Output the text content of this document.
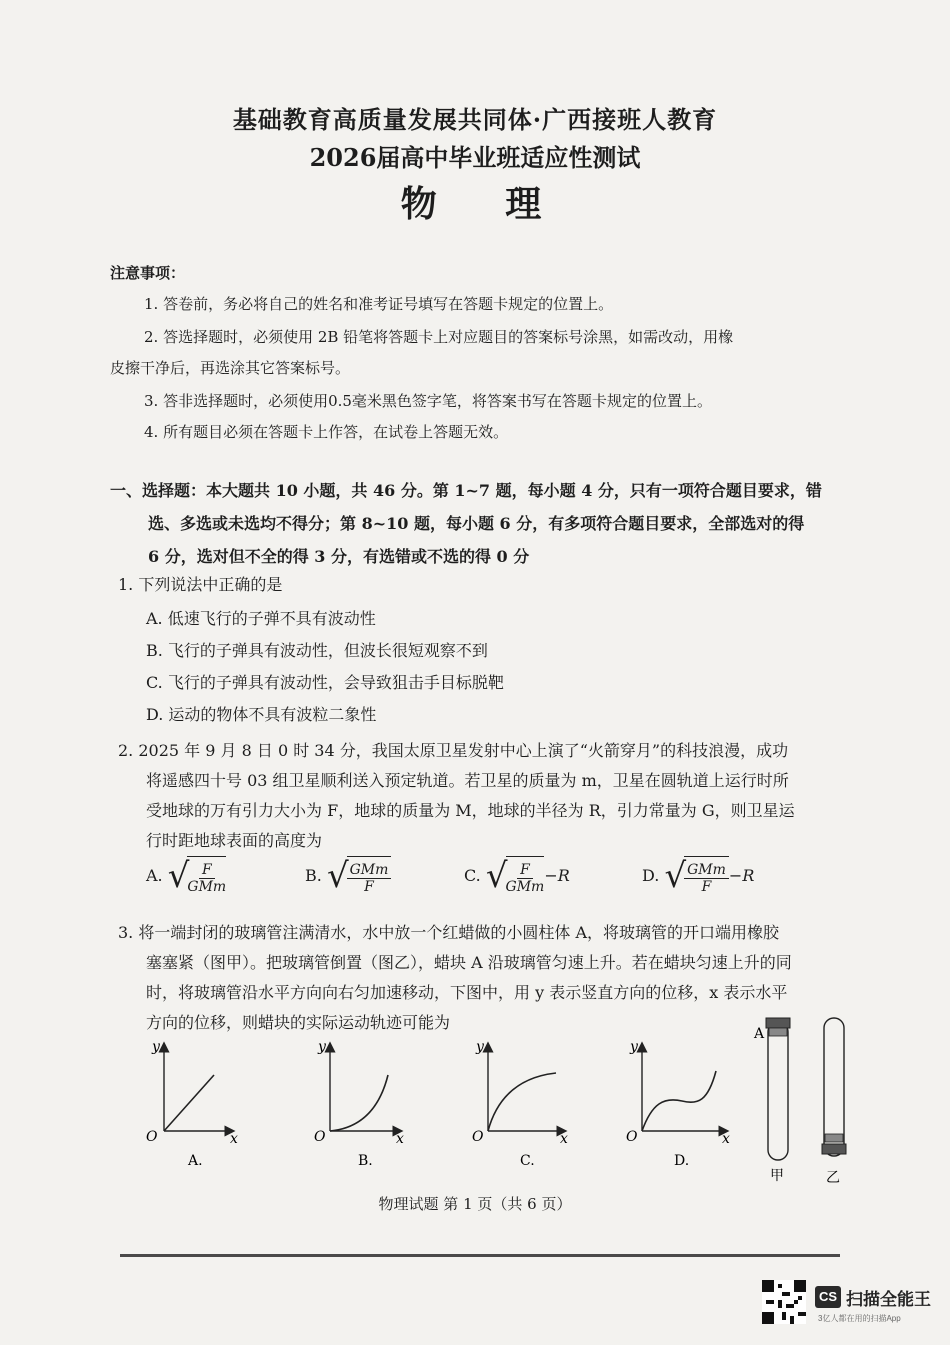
基础教育高质量发展共同体·广西接班人教育
2026届高中毕业班适应性测试
物 理
注意事项：
1. 答卷前，务必将自己的姓名和准考证号填写在答题卡规定的位置上。
2. 答选择题时，必须使用 2B 铅笔将答题卡上对应题目的答案标号涂黑，如需改动，用橡
皮擦干净后，再选涂其它答案标号。
3. 答非选择题时，必须使用0.5毫米黑色签字笔，将答案书写在答题卡规定的位置上。
4. 所有题目必须在答题卡上作答，在试卷上答题无效。
一、选择题：本大题共 10 小题，共 46 分。第 1~7 题，每小题 4 分，只有一项符合题目要求，错
选、多选或未选均不得分；第 8~10 题，每小题 6 分，有多项符合题目要求，全部选对的得
6 分，选对但不全的得 3 分，有选错或不选的得 0 分
1. 下列说法中正确的是
A. 低速飞行的子弹不具有波动性
B. 飞行的子弹具有波动性，但波长很短观察不到
C. 飞行的子弹具有波动性，会导致狙击手目标脱靶
D. 运动的物体不具有波粒二象性
2. 2025 年 9 月 8 日 0 时 34 分，我国太原卫星发射中心上演了“火箭穿月”的科技浪漫，成功
将遥感四十号 03 组卫星顺利送入预定轨道。若卫星的质量为 m，卫星在圆轨道上运行时所
受地球的万有引力大小为 F，地球的质量为 M，地球的半径为 R，引力常量为 G，则卫星运
行时距地球表面的高度为
A.
√
$\frac{F}{\text{GMm}}$	B.
√
$\frac{\text{GMm}}{F}$	C.
√
$\frac{F}{\text{GMm}} -R$	D.
√
$\frac{\text{GMm}}{F} -R$
3. 将一端封闭的玻璃管注满清水，水中放一个红蜡做的小圆柱体 A，将玻璃管的开口端用橡胶
塞塞紧（图甲）。把玻璃管倒置（图乙），蜡块 A 沿玻璃管匀速上升。若在蜡块匀速上升的同
时，将玻璃管沿水平方向向右匀加速移动，下图中，用 y 表示竖直方向的位移，x 表示水平
方向的位移，则蜡块的实际运动轨迹可能为
y
x
O
A.
y
x
O
B.
y
x
O
C.
y
x
O
D.
A
甲	乙
物理试题 第 1 页（共 6 页）
CS 扫描全能王
3亿人都在用的扫描App
